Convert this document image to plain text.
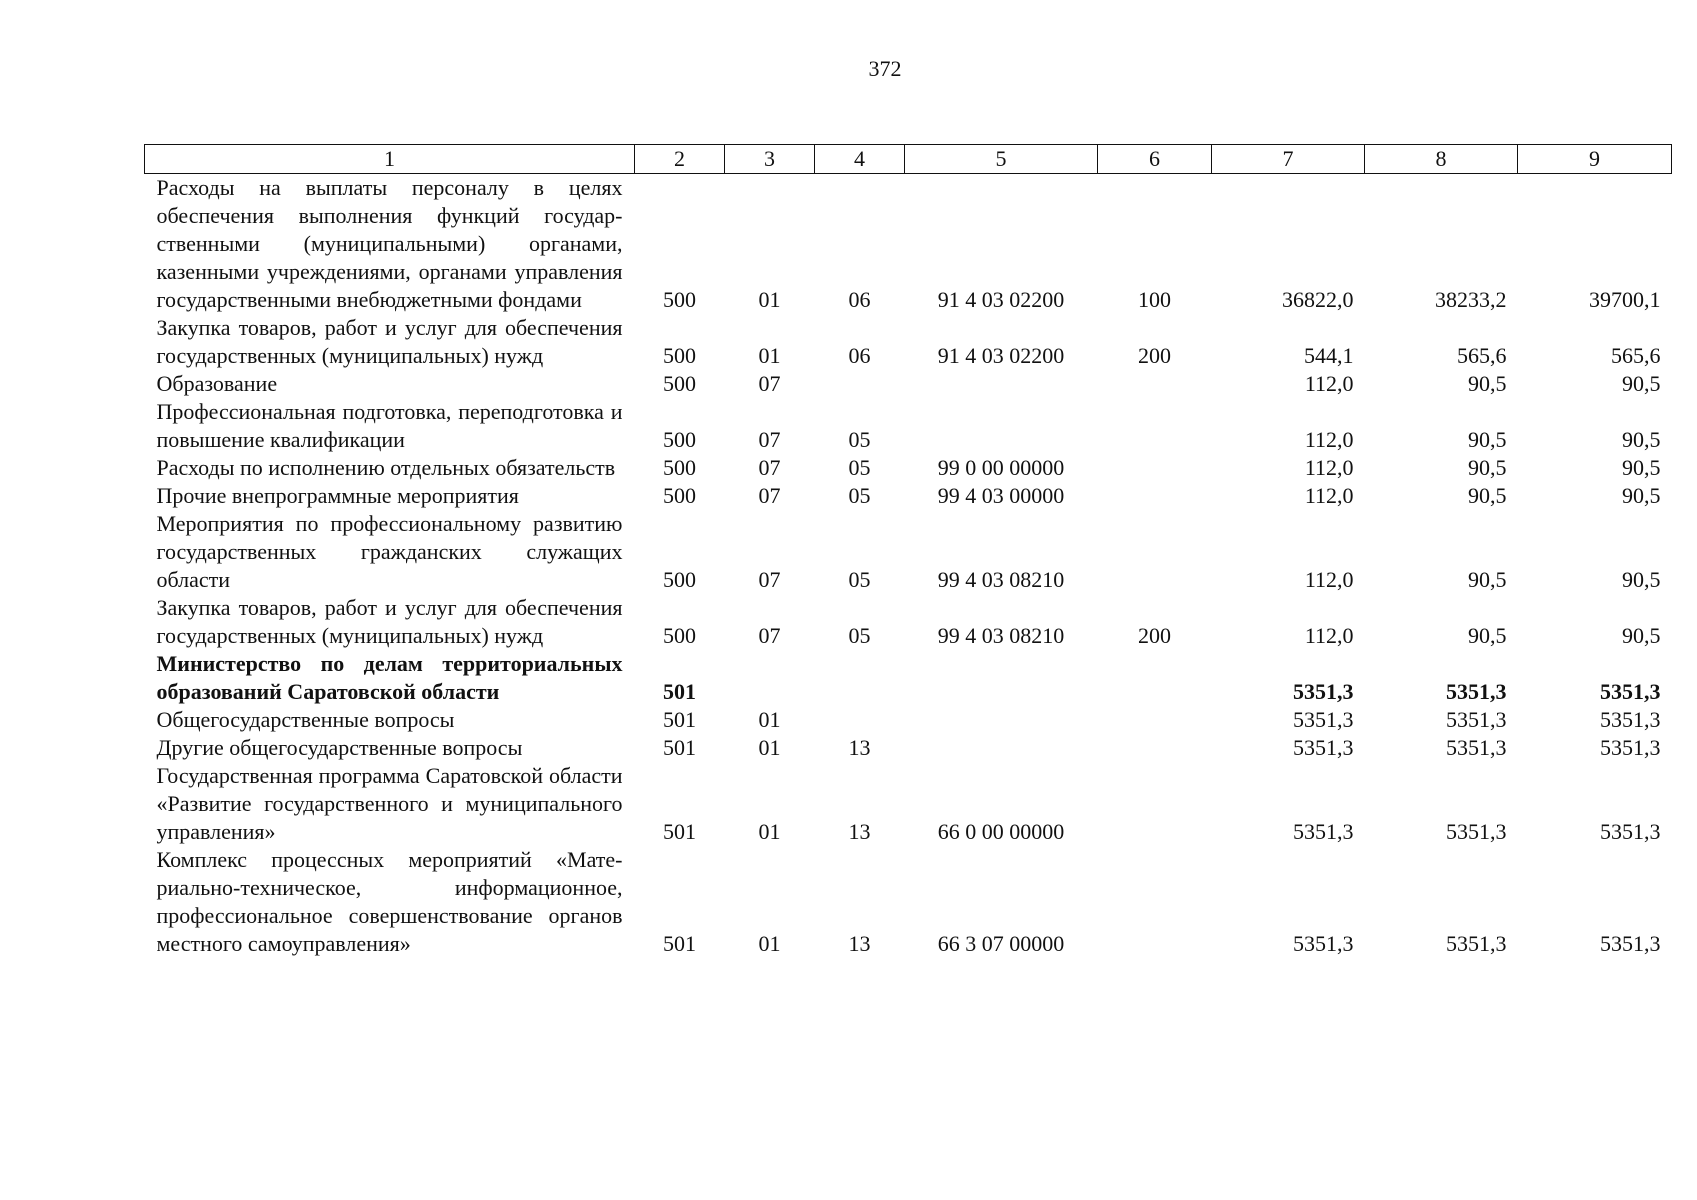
372
1	2	3	4	5	6	7	8	9
Расходы на выплаты персоналу в целях обеспечения выполнения функций государственными (муниципальными) органами, казенными учреждениями, органами управления государственными внебюджетными фондами	500	01	06	91 4 03 02200	100	36822,0	38233,2	39700,1
Закупка товаров, работ и услуг для обеспечения государственных (муниципальных) нужд	500	01	06	91 4 03 02200	200	544,1	565,6	565,6
Образование	500	07				112,0	90,5	90,5
Профессиональная подготовка, переподготовка и повышение квалификации	500	07	05			112,0	90,5	90,5
Расходы по исполнению отдельных обязательств	500	07	05	99 0 00 00000		112,0	90,5	90,5
Прочие внепрограммные мероприятия	500	07	05	99 4 03 00000		112,0	90,5	90,5
Мероприятия по профессиональному развитию государственных гражданских служащих области	500	07	05	99 4 03 08210		112,0	90,5	90,5
Закупка товаров, работ и услуг для обеспечения государственных (муниципальных) нужд	500	07	05	99 4 03 08210	200	112,0	90,5	90,5
Министерство по делам территориальных образований Саратовской области	501					5351,3	5351,3	5351,3
Общегосударственные вопросы	501	01				5351,3	5351,3	5351,3
Другие общегосударственные вопросы	501	01	13			5351,3	5351,3	5351,3
Государственная программа Саратовской области «Развитие государственного и муниципального управления»	501	01	13	66 0 00 00000		5351,3	5351,3	5351,3
Комплекс процессных мероприятий «Материально-техническое, информационное, профессиональное совершенствование органов местного самоуправления»	501	01	13	66 3 07 00000		5351,3	5351,3	5351,3
